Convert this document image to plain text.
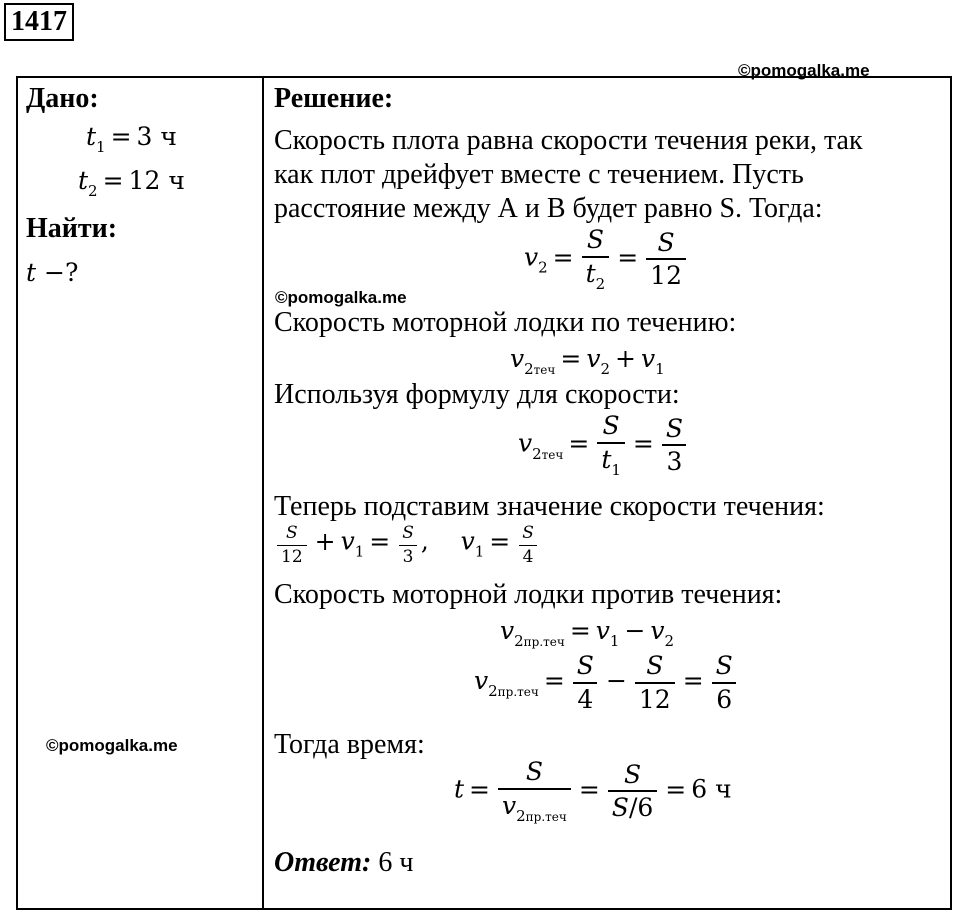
1417
©pomogalka.me
©pomogalka.me
©pomogalka.me
Дано:
$t_1 = 3$ ч
$t_2 = 12$ ч
Найти:
t −?
Решение:
Скорость плота равна скорости течения реки, так
как плот дрейфует вместе с течением. Пусть
расстояние между А и В будет равно S. Тогда:
$v_2 = \frac{S}{t_2} = \frac{S}{12}$
Скорость моторной лодки по течению:
$v_{2теч} = v_2 + v_1$
Используя формулу для скорости:
$v_{2теч} = \frac{S}{t_1} = \frac{S}{3}$
Теперь подставим значение скорости течения:
$\frac{S}{12} + v_1 = \frac{S}{3}$ ,    $v_1 = \frac{S}{4}$
Скорость моторной лодки против течения:
$v_{2пр.теч} = v_1 - v_2$
$v_{2пр.теч} = \frac{S}{4} - \frac{S}{12} = \frac{S}{6}$
Тогда время:
$t = \frac{S}{v_{2пр.теч}} = \frac{S}{S/6} = 6$ ч
Ответ: 6 ч
